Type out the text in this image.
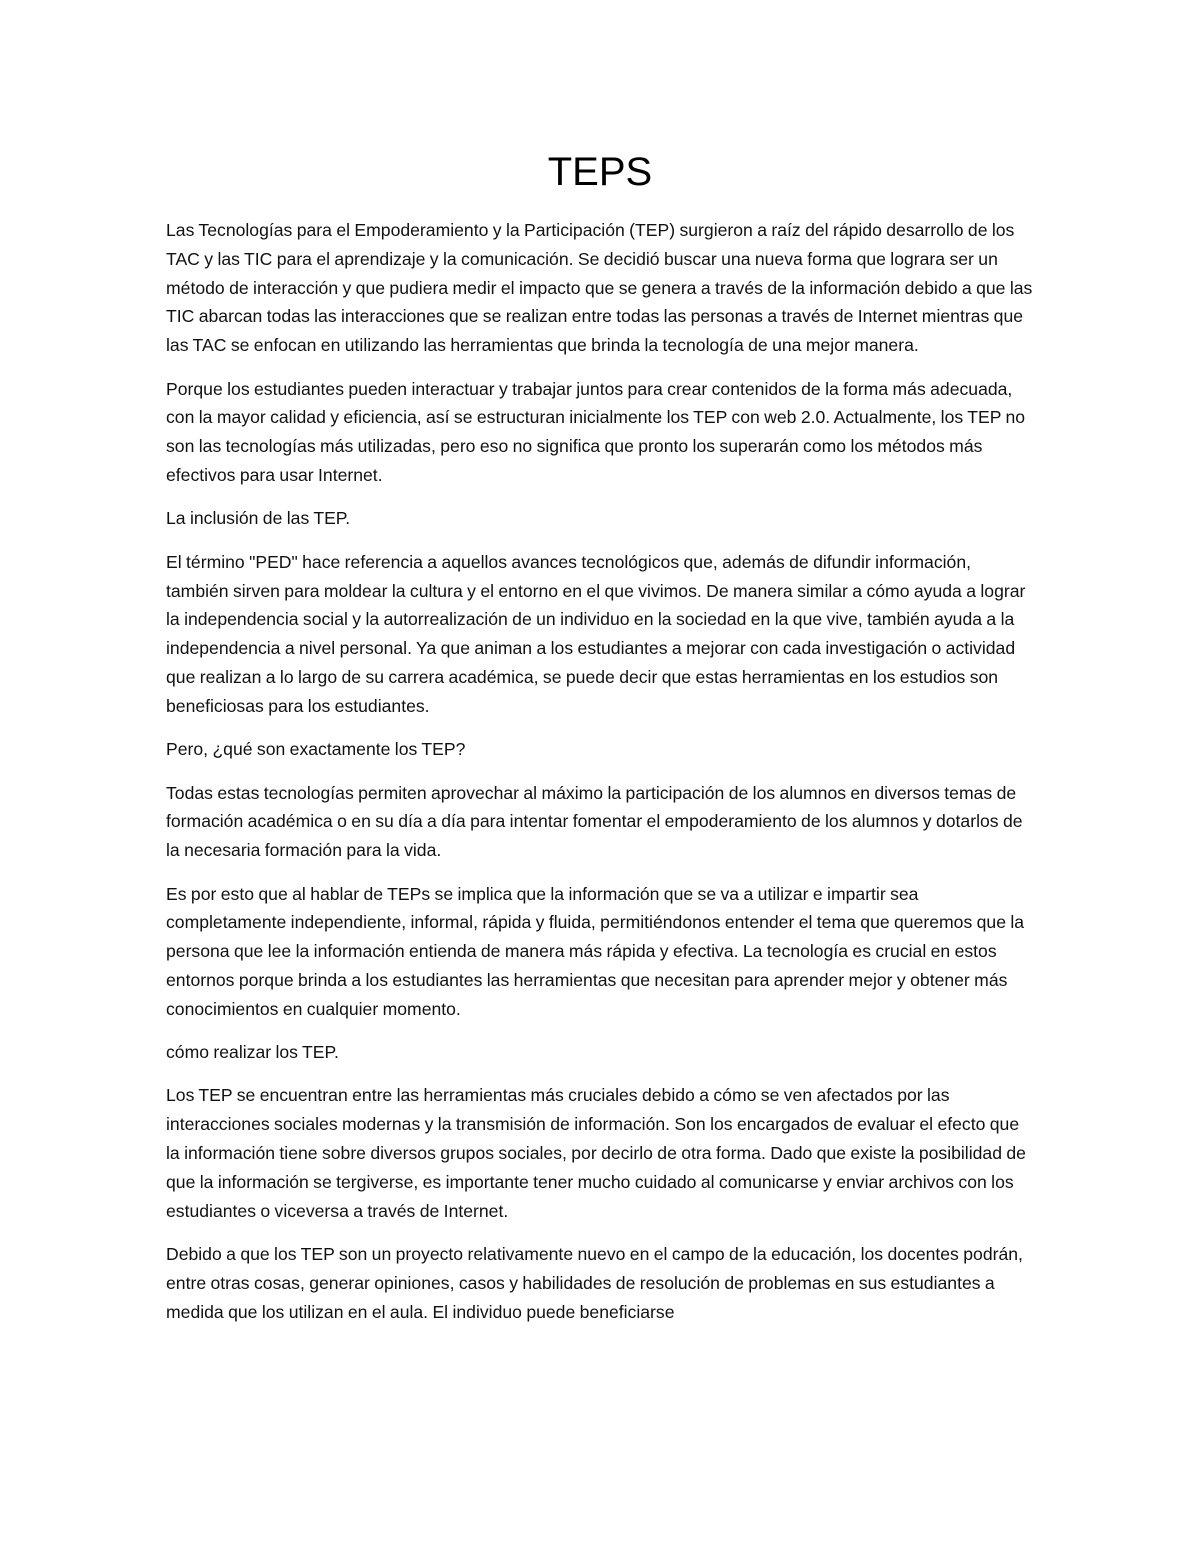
TEPS

Las Tecnologías para el Empoderamiento y la Participación (TEP) surgieron a raíz del rápido desarrollo de los TAC y las TIC para el aprendizaje y la comunicación. Se decidió buscar una nueva forma que lograra ser un método de interacción y que pudiera medir el impacto que se genera a través de la información debido a que las TIC abarcan todas las interacciones que se realizan entre todas las personas a través de Internet mientras que las TAC se enfocan en utilizando las herramientas que brinda la tecnología de una mejor manera.

Porque los estudiantes pueden interactuar y trabajar juntos para crear contenidos de la forma más adecuada, con la mayor calidad y eficiencia, así se estructuran inicialmente los TEP con web 2.0. Actualmente, los TEP no son las tecnologías más utilizadas, pero eso no significa que pronto los superarán como los métodos más efectivos para usar Internet.

La inclusión de las TEP.

El término "PED" hace referencia a aquellos avances tecnológicos que, además de difundir información, también sirven para moldear la cultura y el entorno en el que vivimos. De manera similar a cómo ayuda a lograr la independencia social y la autorrealización de un individuo en la sociedad en la que vive, también ayuda a la independencia a nivel personal. Ya que animan a los estudiantes a mejorar con cada investigación o actividad que realizan a lo largo de su carrera académica, se puede decir que estas herramientas en los estudios son beneficiosas para los estudiantes.

Pero, ¿qué son exactamente los TEP?

Todas estas tecnologías permiten aprovechar al máximo la participación de los alumnos en diversos temas de formación académica o en su día a día para intentar fomentar el empoderamiento de los alumnos y dotarlos de la necesaria formación para la vida.

Es por esto que al hablar de TEPs se implica que la información que se va a utilizar e impartir sea completamente independiente, informal, rápida y fluida, permitiéndonos entender el tema que queremos que la persona que lee la información entienda de manera más rápida y efectiva. La tecnología es crucial en estos entornos porque brinda a los estudiantes las herramientas que necesitan para aprender mejor y obtener más conocimientos en cualquier momento.

cómo realizar los TEP.

Los TEP se encuentran entre las herramientas más cruciales debido a cómo se ven afectados por las interacciones sociales modernas y la transmisión de información. Son los encargados de evaluar el efecto que la información tiene sobre diversos grupos sociales, por decirlo de otra forma. Dado que existe la posibilidad de que la información se tergiverse, es importante tener mucho cuidado al comunicarse y enviar archivos con los estudiantes o viceversa a través de Internet.

Debido a que los TEP son un proyecto relativamente nuevo en el campo de la educación, los docentes podrán, entre otras cosas, generar opiniones, casos y habilidades de resolución de problemas en sus estudiantes a medida que los utilizan en el aula. El individuo puede beneficiarse
